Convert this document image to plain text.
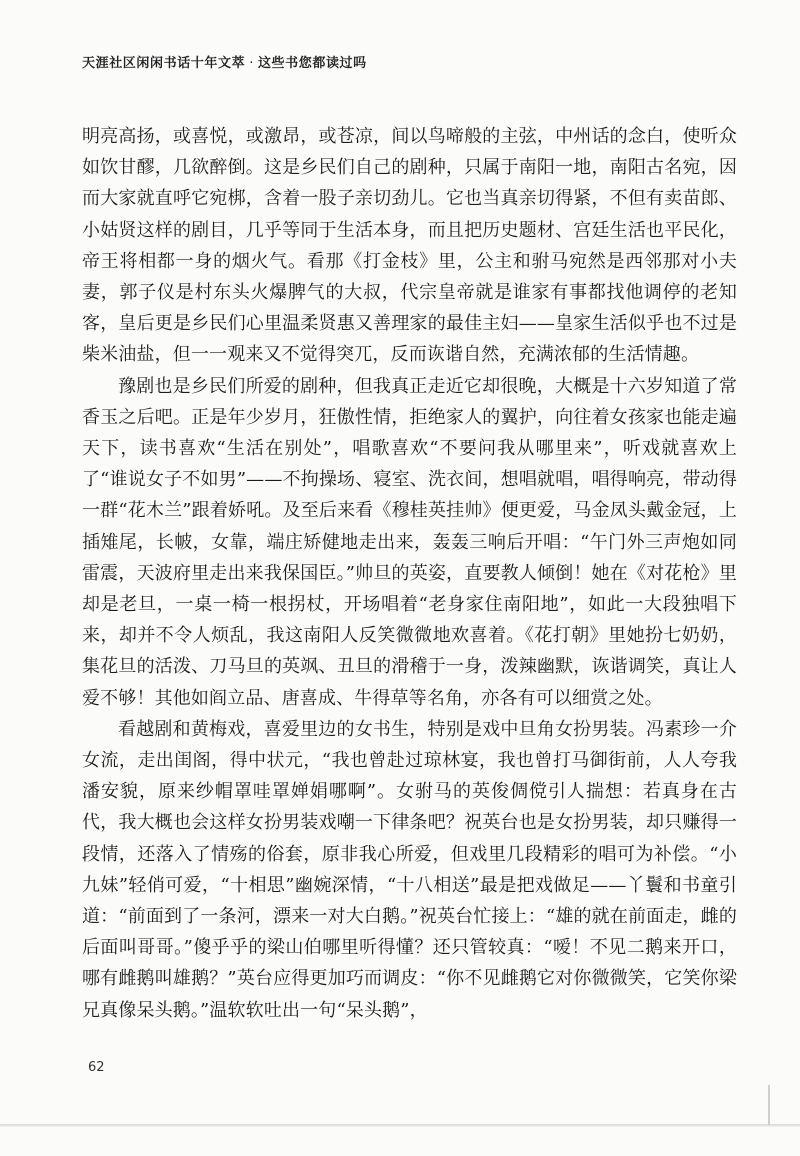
天涯社区闲闲书话十年文萃 · 这些书您都读过吗

明亮高扬，或喜悦，或激昂，或苍凉，间以鸟啼般的主弦，中州话的念白，使听众如饮甘醪，几欲醉倒。这是乡民们自己的剧种，只属于南阳一地，南阳古名宛，因而大家就直呼它宛梆，含着一股子亲切劲儿。它也当真亲切得紧，不但有卖苗郎、小姑贤这样的剧目，几乎等同于生活本身，而且把历史题材、宫廷生活也平民化，帝王将相都一身的烟火气。看那《打金枝》里，公主和驸马宛然是西邻那对小夫妻，郭子仪是村东头火爆脾气的大叔，代宗皇帝就是谁家有事都找他调停的老知客，皇后更是乡民们心里温柔贤惠又善理家的最佳主妇——皇家生活似乎也不过是柴米油盐，但一一观来又不觉得突兀，反而诙谐自然，充满浓郁的生活情趣。

豫剧也是乡民们所爱的剧种，但我真正走近它却很晚，大概是十六岁知道了常香玉之后吧。正是年少岁月，狂傲性情，拒绝家人的翼护，向往着女孩家也能走遍天下，读书喜欢“生活在别处”，唱歌喜欢“不要问我从哪里来”，听戏就喜欢上了“谁说女子不如男”——不拘操场、寝室、洗衣间，想唱就唱，唱得响亮，带动得一群“花木兰”跟着娇吼。及至后来看《穆桂英挂帅》便更爱，马金凤头戴金冠，上插雉尾，长帔，女靠，端庄矫健地走出来，轰轰三响后开唱：“午门外三声炮如同雷震，天波府里走出来我保国臣。”帅旦的英姿，直要教人倾倒！她在《对花枪》里却是老旦，一桌一椅一根拐杖，开场唱着“老身家住南阳地”，如此一大段独唱下来，却并不令人烦乱，我这南阳人反笑微微地欢喜着。《花打朝》里她扮七奶奶，集花旦的活泼、刀马旦的英飒、丑旦的滑稽于一身，泼辣幽默，诙谐调笑，真让人爱不够！其他如阎立品、唐喜成、牛得草等名角，亦各有可以细赏之处。

看越剧和黄梅戏，喜爱里边的女书生，特别是戏中旦角女扮男装。冯素珍一介女流，走出闺阁，得中状元，“我也曾赴过琼林宴，我也曾打马御街前，人人夸我潘安貌，原来纱帽罩哇罩婵娟哪啊”。女驸马的英俊倜傥引人揣想：若真身在古代，我大概也会这样女扮男装戏嘲一下律条吧？祝英台也是女扮男装，却只赚得一段情，还落入了情殇的俗套，原非我心所爱，但戏里几段精彩的唱可为补偿。“小九妹”轻俏可爱，“十相思”幽婉深情，“十八相送”最是把戏做足——丫鬟和书童引道：“前面到了一条河，漂来一对大白鹅。”祝英台忙接上：“雄的就在前面走，雌的后面叫哥哥。”傻乎乎的梁山伯哪里听得懂？还只管较真：“嗳！不见二鹅来开口，哪有雌鹅叫雄鹅？”英台应得更加巧而调皮：“你不见雌鹅它对你微微笑，它笑你梁兄真像呆头鹅。”温软软吐出一句“呆头鹅”，

62
